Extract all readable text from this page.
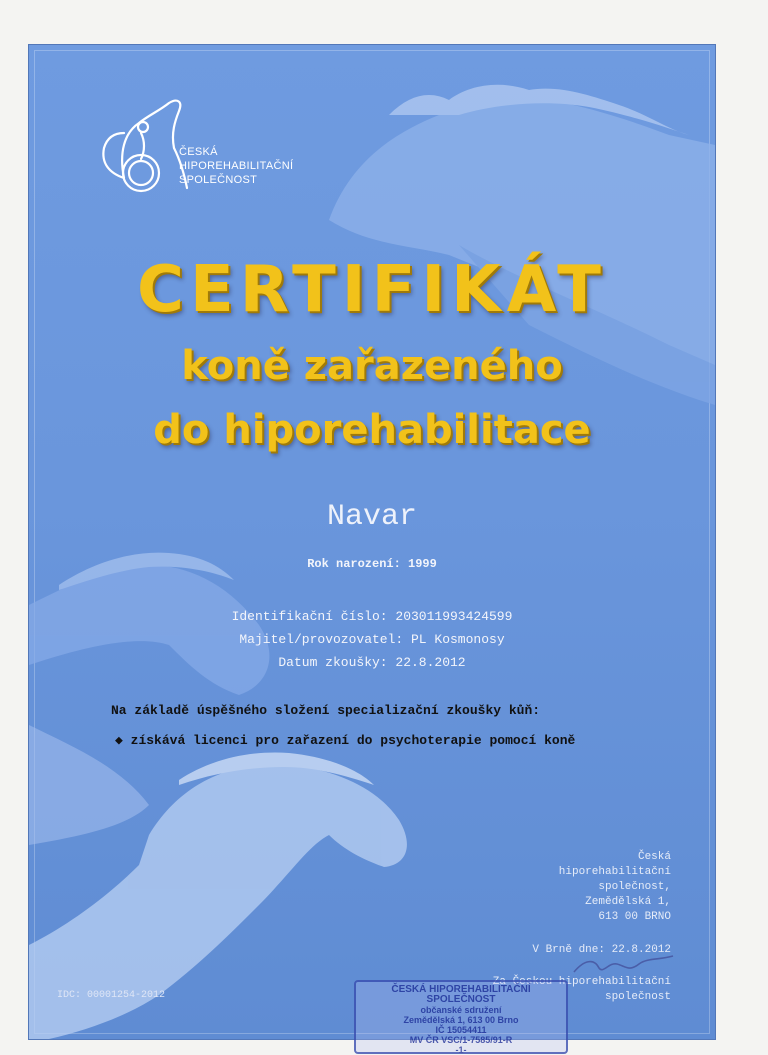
ČESKÁ
HIPOREHABILITAČNÍ
SPOLEČNOST
CERTIFIKÁT
koně zařazeného
do hiporehabilitace
Navar
Rok narození: 1999
Identifikační číslo: 203011993424599
Majitel/provozovatel: PL Kosmonosy
Datum zkoušky: 22.8.2012
Na základě úspěšného složení specializační zkoušky kůň:
◆ získává licenci pro zařazení do psychoterapie pomocí koně
Česká
hiporehabilitační
společnost,
Zemědělská 1,
613 00 BRNO
V Brně dne: 22.8.2012
Za Českou hiporehabilitační
společnost
IDC: 00001254-2012
ČESKÁ HIPOREHABILITAČNÍ
SPOLEČNOST
občanské sdružení
Zemědělská 1, 613 00 Brno
IČ 15054411
MV ČR VSC/1-7585/91-R
-1-
